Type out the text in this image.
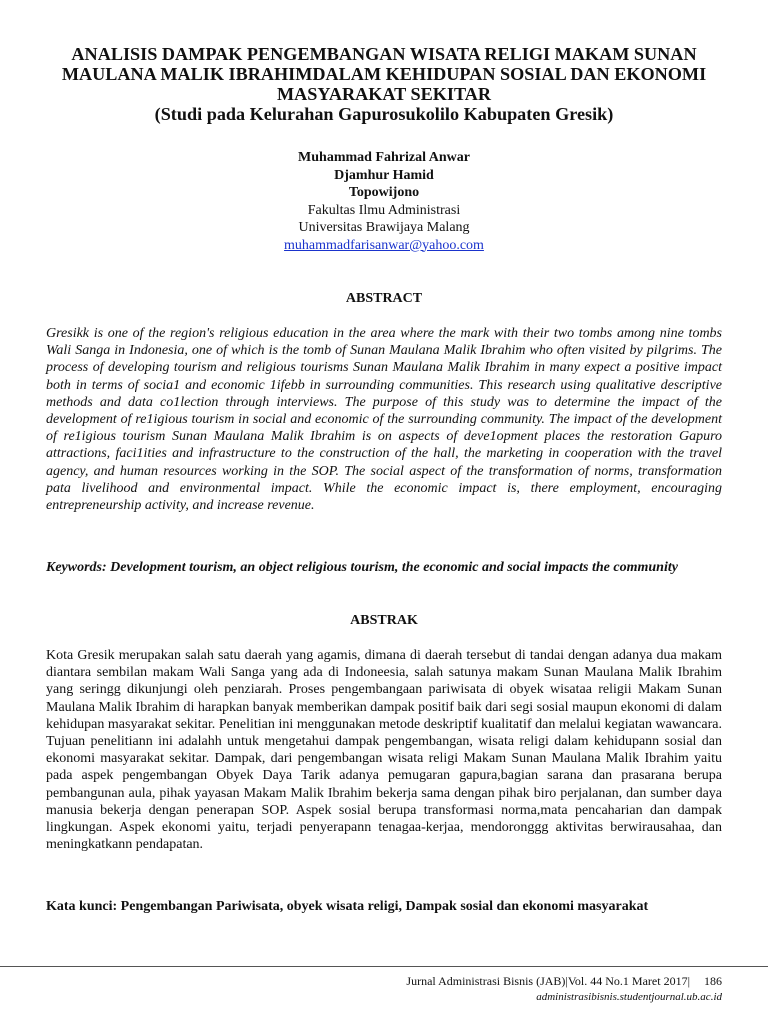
ANALISIS DAMPAK PENGEMBANGAN WISATA RELIGI MAKAM SUNAN
MAULANA MALIK IBRAHIMDALAM KEHIDUPAN SOSIAL DAN EKONOMI
MASYARAKAT SEKITAR
(Studi pada Kelurahan Gapurosukolilo Kabupaten Gresik)
Muhammad Fahrizal Anwar
Djamhur Hamid
Topowijono
Fakultas Ilmu Administrasi
Universitas Brawijaya Malang
muhammadfarisanwar@yahoo.com
ABSTRACT
Gresikk is one of the region's religious education in the area where the mark with their two tombs among nine tombs Wali Sanga in Indonesia, one of which is the tomb of Sunan Maulana Malik Ibrahim who often visited by pilgrims. The process of developing tourism and religious tourisms Sunan Maulana Malik Ibrahim in many expect a positive impact both in terms of socia1 and economic 1ifebb in surrounding communities. This research using qualitative descriptive methods and data co1lection through interviews. The purpose of this study was to determine the impact of the development of re1igious tourism in social and economic of the surrounding community. The impact of the development of re1igious tourism Sunan Maulana Malik Ibrahim is on aspects of deve1opment places the restoration Gapuro attractions, faci1ities and infrastructure to the construction of the hall, the marketing in cooperation with the travel agency, and human resources working in the SOP. The social aspect of the transformation of norms, transformation pata livelihood and environmental impact. While the economic impact is, there employment, encouraging entrepreneurship activity, and increase revenue.
Keywords: Development tourism, an object religious tourism, the economic and social impacts the community
ABSTRAK
Kota Gresik merupakan salah satu daerah yang agamis, dimana di daerah tersebut di tandai dengan adanya dua makam diantara sembilan makam Wali Sanga yang ada di Indoneesia, salah satunya makam Sunan Maulana Malik Ibrahim yang seringg dikunjungi oleh penziarah. Proses pengembangaan pariwisata di obyek wisataa religii Makam Sunan Maulana Malik Ibrahim di harapkan banyak memberikan dampak positif baik dari segi sosial maupun ekonomi di dalam kehidupan masyarakat sekitar. Penelitian ini menggunakan metode deskriptif kualitatif dan melalui kegiatan wawancara. Tujuan penelitiann ini adalahh untuk mengetahui dampak pengembangan, wisata religi dalam kehidupann sosial dan ekonomi masyarakat sekitar. Dampak, dari pengembangan wisata religi Makam Sunan Maulana Malik Ibrahim yaitu pada aspek pengembangan Obyek Daya Tarik adanya pemugaran gapura,bagian sarana dan prasarana berupa pembangunan aula, pihak yayasan Makam Malik Ibrahim bekerja sama dengan pihak biro perjalanan, dan sumber daya manusia bekerja dengan penerapan SOP. Aspek sosial berupa transformasi norma,mata pencaharian dan dampak lingkungan. Aspek ekonomi yaitu, terjadi penyerapann tenagaa-kerjaa, mendoronggg aktivitas berwirausahaa, dan meningkatkann pendapatan.
Kata kunci: Pengembangan Pariwisata, obyek wisata religi, Dampak sosial dan ekonomi masyarakat
Jurnal Administrasi Bisnis (JAB)|Vol. 44 No.1 Maret 2017| 186
administrasibisnis.studentjournal.ub.ac.id
